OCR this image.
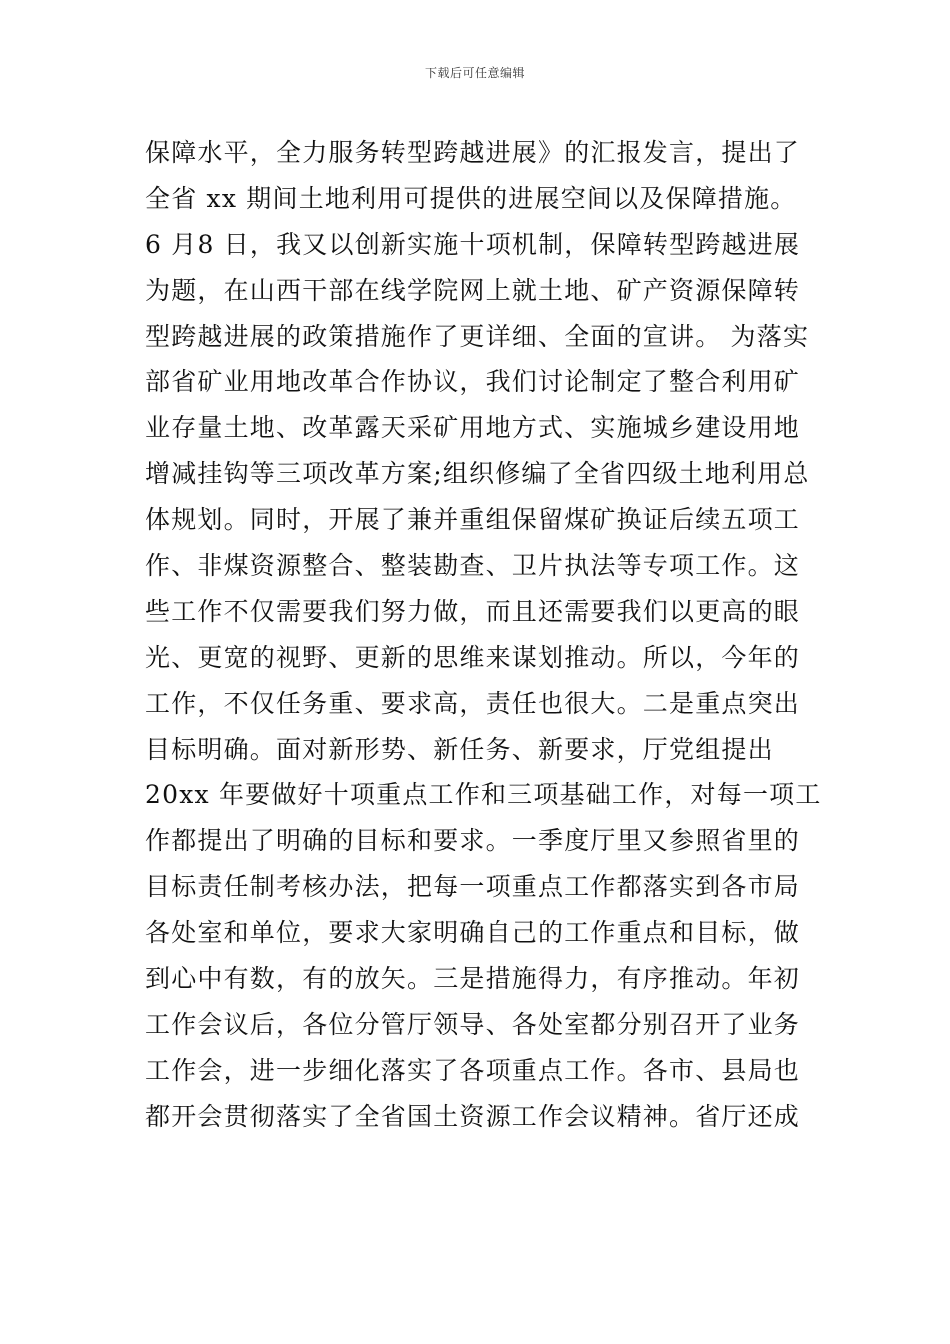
下载后可任意编辑
保障水平，全力服务转型跨越进展》的汇报发言，提出了
全省 xx 期间土地利用可提供的进展空间以及保障措施。
6 月8 日，我又以创新实施十项机制，保障转型跨越进展
为题，在山西干部在线学院网上就土地、矿产资源保障转
型跨越进展的政策措施作了更详细、全面的宣讲。 为落实
部省矿业用地改革合作协议，我们讨论制定了整合利用矿
业存量土地、改革露天采矿用地方式、实施城乡建设用地
增减挂钩等三项改革方案;组织修编了全省四级土地利用总
体规划。同时，开展了兼并重组保留煤矿换证后续五项工
作、非煤资源整合、整装勘查、卫片执法等专项工作。这
些工作不仅需要我们努力做，而且还需要我们以更高的眼
光、更宽的视野、更新的思维来谋划推动。所以，今年的
工作，不仅任务重、要求高，责任也很大。二是重点突出
目标明确。面对新形势、新任务、新要求，厅党组提出
20xx 年要做好十项重点工作和三项基础工作，对每一项工
作都提出了明确的目标和要求。一季度厅里又参照省里的
目标责任制考核办法，把每一项重点工作都落实到各市局
各处室和单位，要求大家明确自己的工作重点和目标，做
到心中有数，有的放矢。三是措施得力，有序推动。年初
工作会议后，各位分管厅领导、各处室都分别召开了业务
工作会，进一步细化落实了各项重点工作。各市、县局也
都开会贯彻落实了全省国土资源工作会议精神。省厅还成
